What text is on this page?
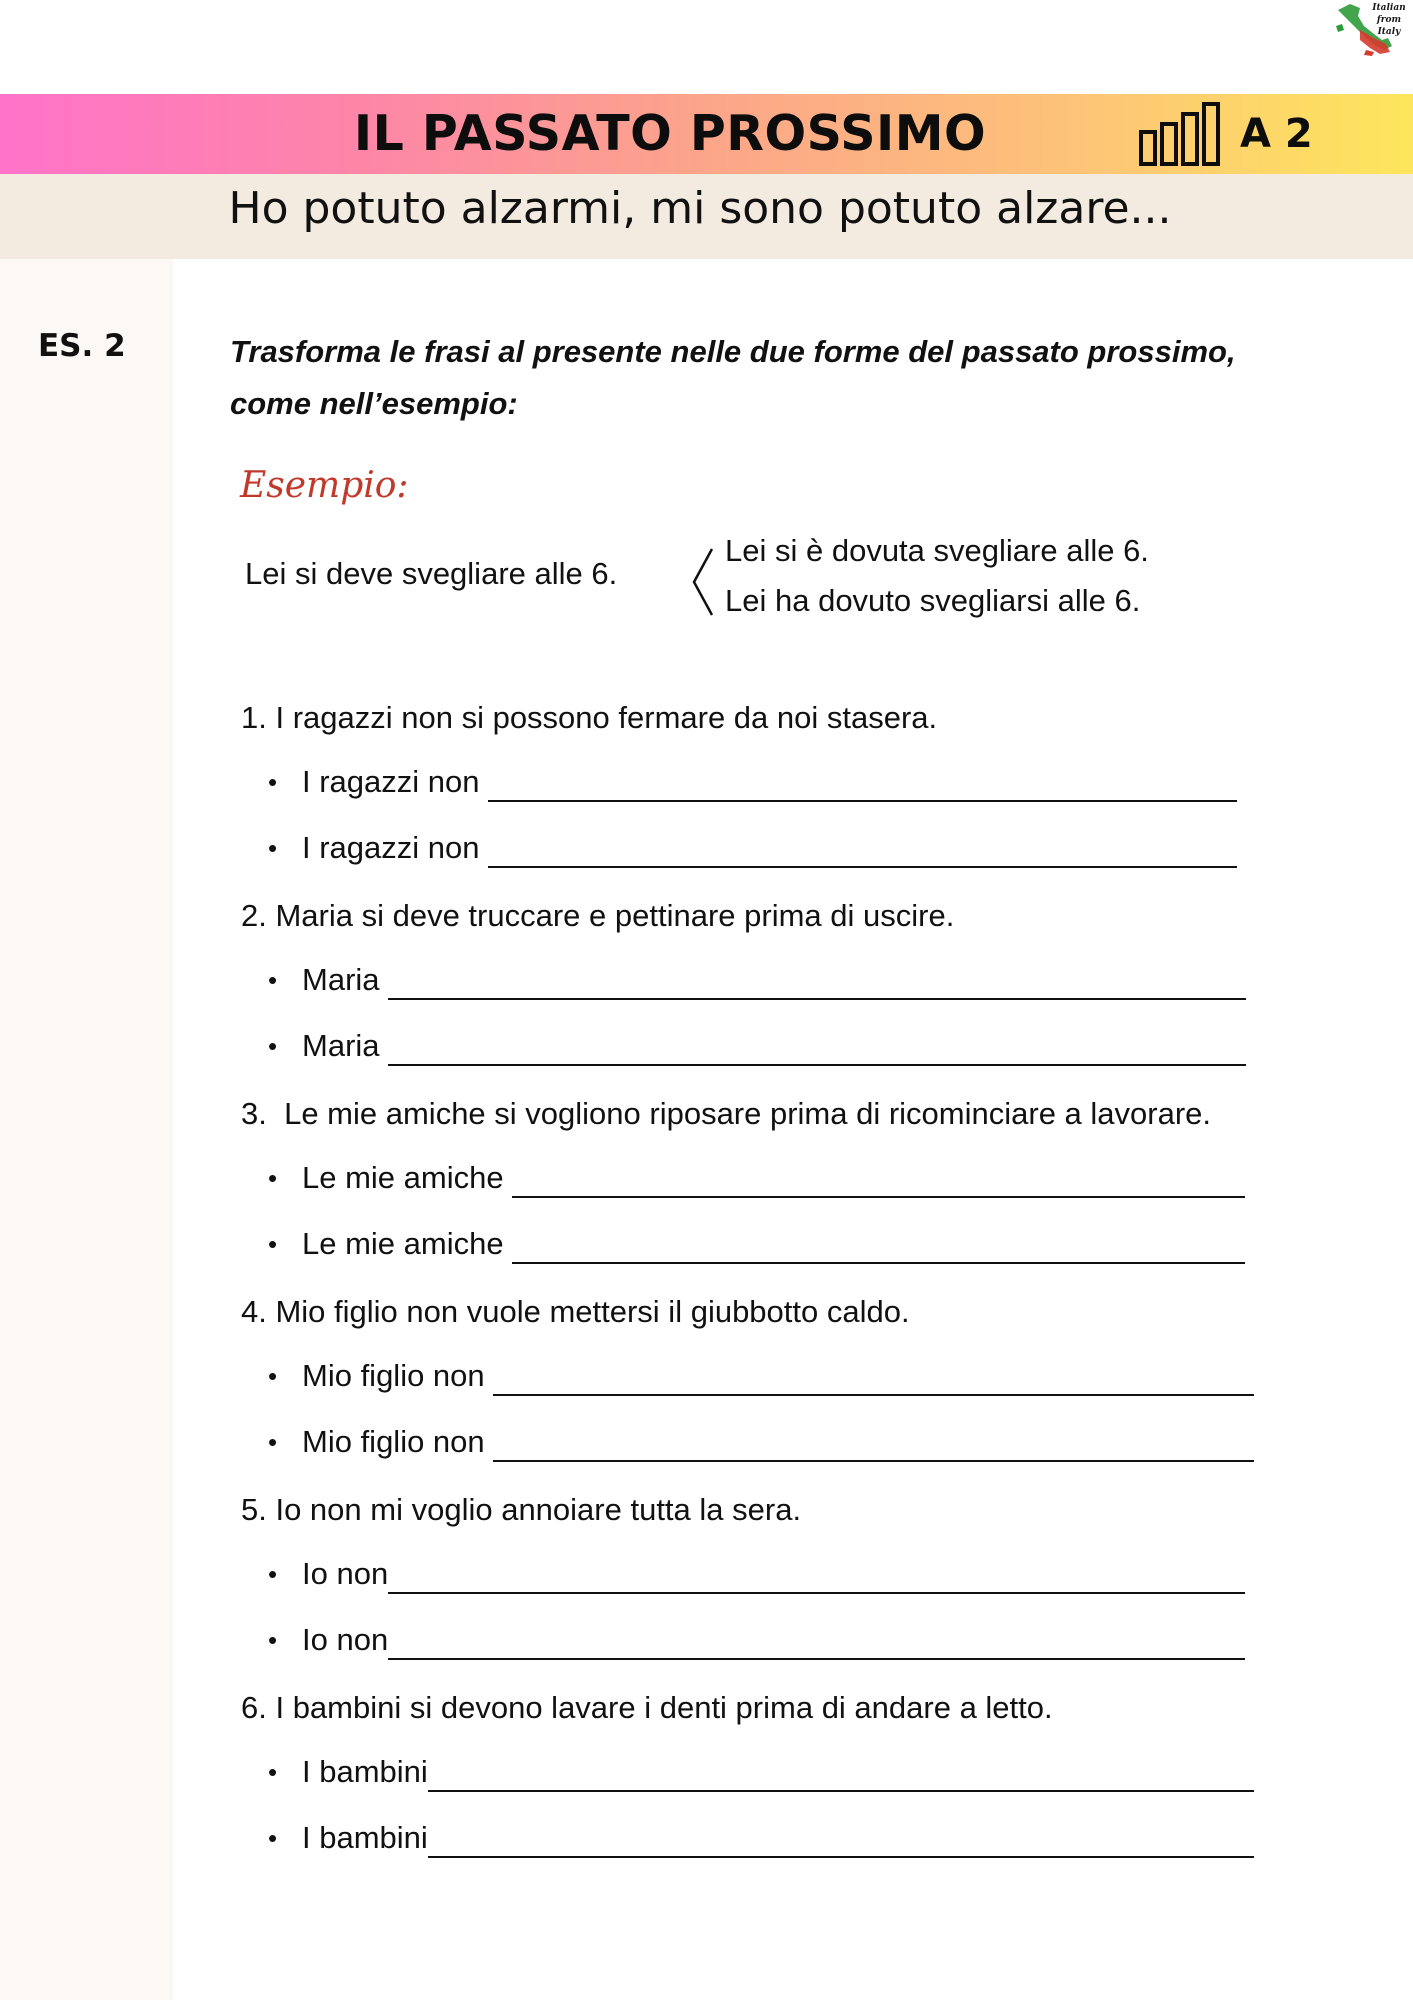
Italian
from
Italy
IL PASSATO PROSSIMO	A 2
Ho potuto alzarmi, mi sono potuto alzare...
ES. 2	Trasforma le frasi al presente nelle due forme del passato prossimo,
come nell’esempio:
Esempio:
Lei si deve svegliare alle 6.
Lei si è dovuta svegliare alle 6.
Lei ha dovuto svegliarsi alle 6.
1. I ragazzi non si possono fermare da noi stasera.
• I ragazzi non
• I ragazzi non
2. Maria si deve truccare e pettinare prima di uscire.
• Maria
• Maria
3.  Le mie amiche si vogliono riposare prima di ricominciare a lavorare.
• Le mie amiche
• Le mie amiche
4. Mio figlio non vuole mettersi il giubbotto caldo.
• Mio figlio non
• Mio figlio non
5. Io non mi voglio annoiare tutta la sera.
• Io non
• Io non
6. I bambini si devono lavare i denti prima di andare a letto.
• I bambini
• I bambini
